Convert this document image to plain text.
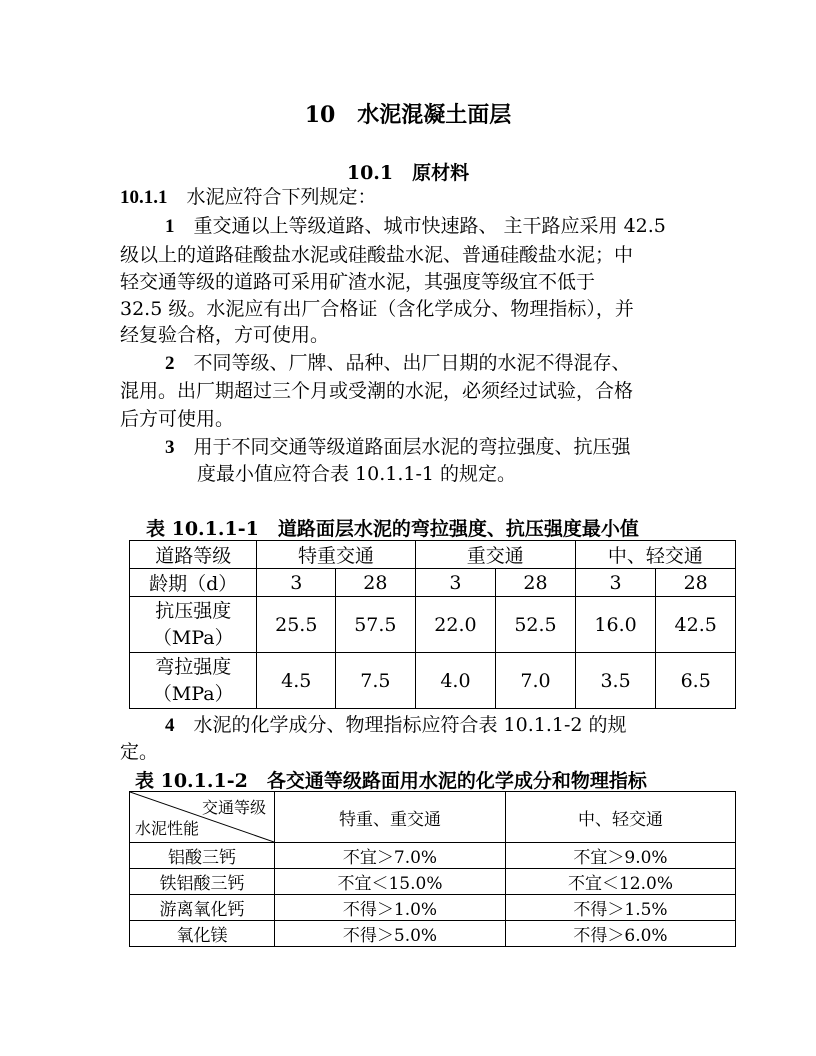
10　水泥混凝土面层
10.1　原材料
10.1.1　 水泥应符合下列规定：
1　 重交通以上等级道路、城市快速路、 主干路应采用 42.5
级以上的道路硅酸盐水泥或硅酸盐水泥、普通硅酸盐水泥；中
轻交通等级的道路可采用矿渣水泥，其强度等级宜不低于
32.5 级。水泥应有出厂合格证（含化学成分、物理指标），并
经复验合格，方可使用。
2　 不同等级、厂牌、品种、出厂日期的水泥不得混存、
混用。出厂期超过三个月或受潮的水泥，必须经过试验，合格
后方可使用。
3　 用于不同交通等级道路面层水泥的弯拉强度、抗压强
度最小值应符合表 10.1.1-1 的规定。
表 10.1.1-1　道路面层水泥的弯拉强度、抗压强度最小值
道路等级	特重交通		重交通		中、轻交通	
龄期（d）	3	28	3	28	3	28
抗压强度
（MPa）	25.5	57.5	22.0	52.5	16.0	42.5
弯拉强度
（MPa）	4.5	7.5	4.0	7.0	3.5	6.5
4　 水泥的化学成分、物理指标应符合表 10.1.1-2 的规
定。
表 10.1.1-2　各交通等级路面用水泥的化学成分和物理指标
交通等级
水泥性能	特重、重交通	中、轻交通
铝酸三钙	不宜＞7.0%	不宜＞9.0%
铁铝酸三钙	不宜＜15.0%	不宜＜12.0%
游离氧化钙	不得＞1.0%	不得＞1.5%
氧化镁	不得＞5.0%	不得＞6.0%
